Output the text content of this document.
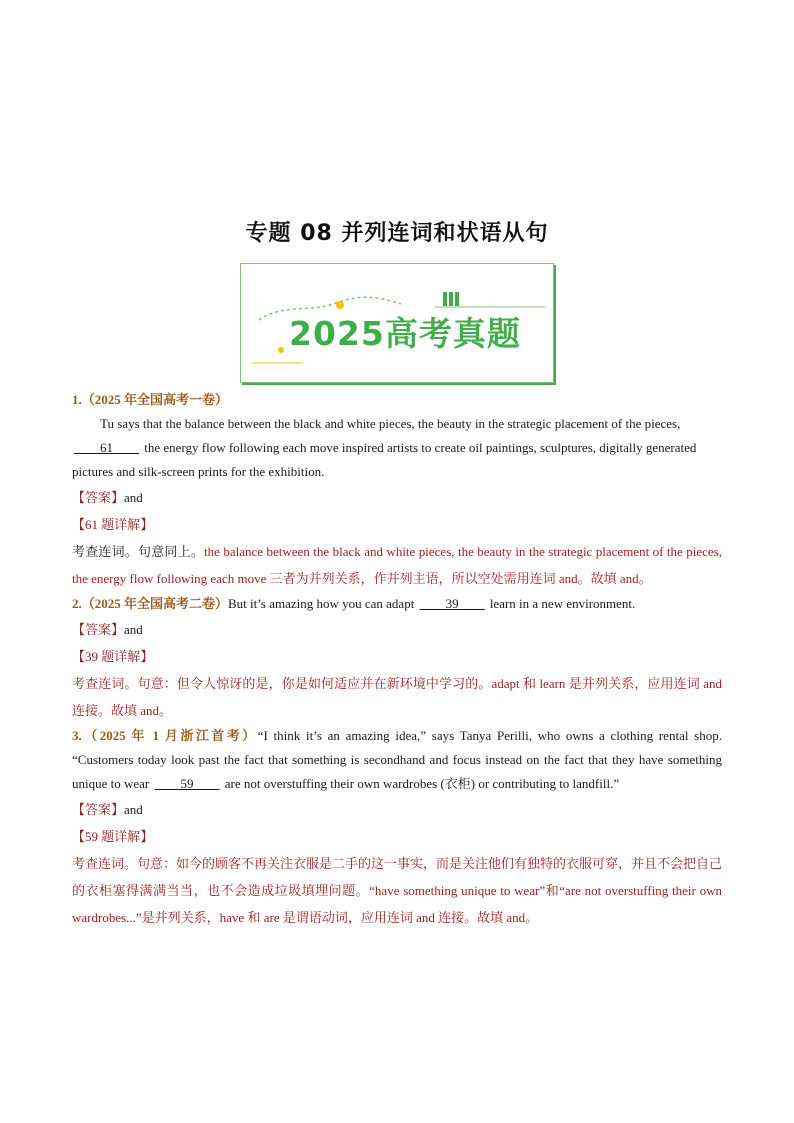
专题 08 并列连词和状语从句
2025高考真题

1.（2025 年全国高考一卷）

Tu says that the balance between the black and white pieces, the beauty in the strategic placement of the pieces, ____61____ the energy flow following each move inspired artists to create oil paintings, sculptures, digitally generated pictures and silk-screen prints for the exhibition.

【答案】and

【61 题详解】

考查连词。句意同上。the balance between the black and white pieces, the beauty in the strategic placement of the pieces, the energy flow following each move 三者为并列关系，作并列主语，所以空处需用连词 and。故填 and。

2.（2025 年全国高考二卷）But it’s amazing how you can adapt ____39____ learn in a new environment.

【答案】and

【39 题详解】

考查连词。句意：但令人惊讶的是，你是如何适应并在新环境中学习的。adapt 和 learn 是并列关系，应用连词 and 连接。故填 and。

3.（2025 年 1 月浙江首考）“I think it’s an amazing idea,” says Tanya Perilli, who owns a clothing rental shop. “Customers today look past the fact that something is secondhand and focus instead on the fact that they have something unique to wear ____59____ are not overstuffing their own wardrobes (衣柜) or contributing to landfill.”

【答案】and

【59 题详解】

考查连词。句意：如今的顾客不再关注衣服是二手的这一事实，而是关注他们有独特的衣服可穿，并且不会把自己的衣柜塞得满满当当，也不会造成垃圾填埋问题。“have something unique to wear”和“are not overstuffing their own wardrobes...”是并列关系，have 和 are 是谓语动词，应用连词 and 连接。故填 and。
